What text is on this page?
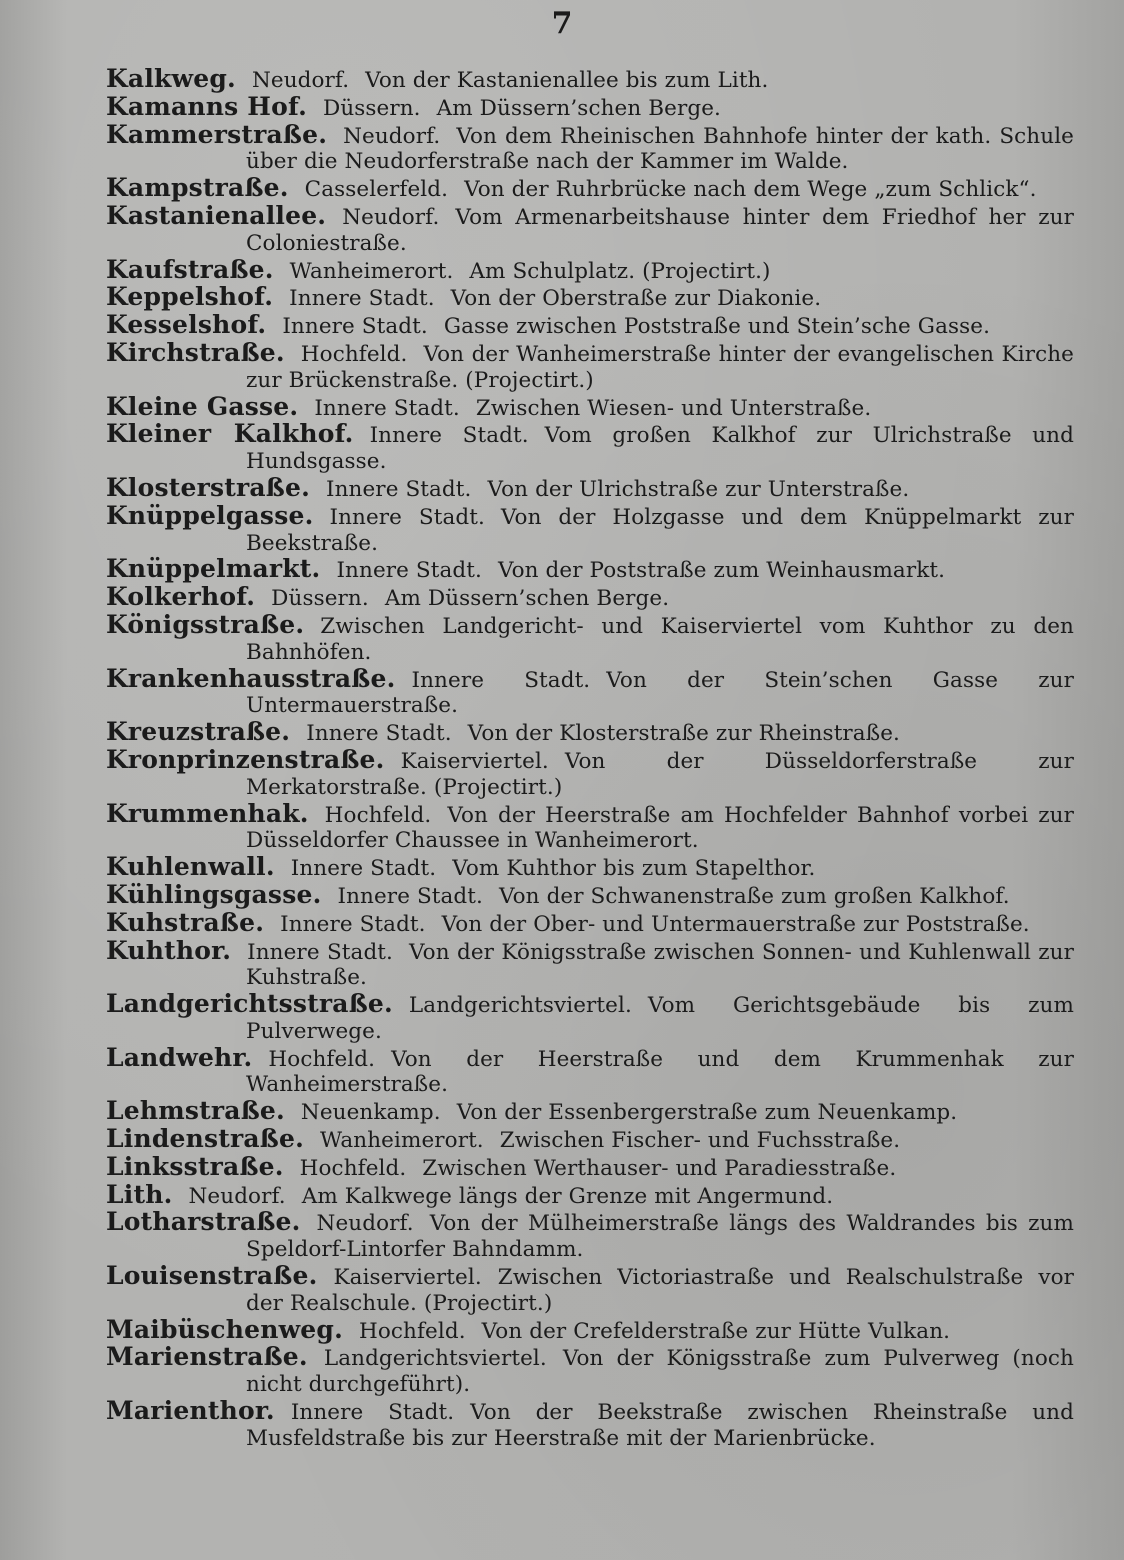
7

Kalkweg. Neudorf. Von der Kastanienallee bis zum Lith.

Kamanns Hof. Düssern. Am Düssern’schen Berge.

Kammerstraße. Neudorf. Von dem Rheinischen Bahnhofe hinter der kath. Schule über die Neudorferstraße nach der Kammer im Walde.

Kampstraße. Casselerfeld. Von der Ruhrbrücke nach dem Wege „zum Schlick“.

Kastanienallee. Neudorf. Vom Armenarbeitshause hinter dem Friedhof her zur Coloniestraße.

Kaufstraße. Wanheimerort. Am Schulplatz. (Projectirt.)

Keppelshof. Innere Stadt. Von der Oberstraße zur Diakonie.

Kesselshof. Innere Stadt. Gasse zwischen Poststraße und Stein’sche Gasse.

Kirchstraße. Hochfeld. Von der Wanheimerstraße hinter der evangelischen Kirche zur Brückenstraße. (Projectirt.)

Kleine Gasse. Innere Stadt. Zwischen Wiesen- und Unterstraße.

Kleiner Kalkhof. Innere Stadt. Vom großen Kalkhof zur Ulrichstraße und Hundsgasse.

Klosterstraße. Innere Stadt. Von der Ulrichstraße zur Unterstraße.

Knüppelgasse. Innere Stadt. Von der Holzgasse und dem Knüppelmarkt zur Beekstraße.

Knüppelmarkt. Innere Stadt. Von der Poststraße zum Weinhausmarkt.

Kolkerhof. Düssern. Am Düssern’schen Berge.

Königsstraße. Zwischen Landgericht- und Kaiserviertel vom Kuhthor zu den Bahnhöfen.

Krankenhausstraße. Innere Stadt. Von der Stein’schen Gasse zur Untermauerstraße.

Kreuzstraße. Innere Stadt. Von der Klosterstraße zur Rheinstraße.

Kronprinzenstraße. Kaiserviertel. Von der Düsseldorferstraße zur Merkatorstraße. (Projectirt.)

Krummenhak. Hochfeld. Von der Heerstraße am Hochfelder Bahnhof vorbei zur Düsseldorfer Chaussee in Wanheimerort.

Kuhlenwall. Innere Stadt. Vom Kuhthor bis zum Stapelthor.

Kühlingsgasse. Innere Stadt. Von der Schwanenstraße zum großen Kalkhof.

Kuhstraße. Innere Stadt. Von der Ober- und Untermauerstraße zur Poststraße.

Kuhthor. Innere Stadt. Von der Königsstraße zwischen Sonnen- und Kuhlenwall zur Kuhstraße.

Landgerichtsstraße. Landgerichtsviertel. Vom Gerichtsgebäude bis zum Pulverwege.

Landwehr. Hochfeld. Von der Heerstraße und dem Krummenhak zur Wanheimerstraße.

Lehmstraße. Neuenkamp. Von der Essenbergerstraße zum Neuenkamp.

Lindenstraße. Wanheimerort. Zwischen Fischer- und Fuchsstraße.

Linksstraße. Hochfeld. Zwischen Werthauser- und Paradiesstraße.

Lith. Neudorf. Am Kalkwege längs der Grenze mit Angermund.

Lotharstraße. Neudorf. Von der Mülheimerstraße längs des Waldrandes bis zum Speldorf-Lintorfer Bahndamm.

Louisenstraße. Kaiserviertel. Zwischen Victoriastraße und Realschulstraße vor der Realschule. (Projectirt.)

Maibüschenweg. Hochfeld. Von der Crefelderstraße zur Hütte Vulkan.

Marienstraße. Landgerichtsviertel. Von der Königsstraße zum Pulverweg (noch nicht durchgeführt).

Marienthor. Innere Stadt. Von der Beekstraße zwischen Rheinstraße und Musfeldstraße bis zur Heerstraße mit der Marienbrücke.
